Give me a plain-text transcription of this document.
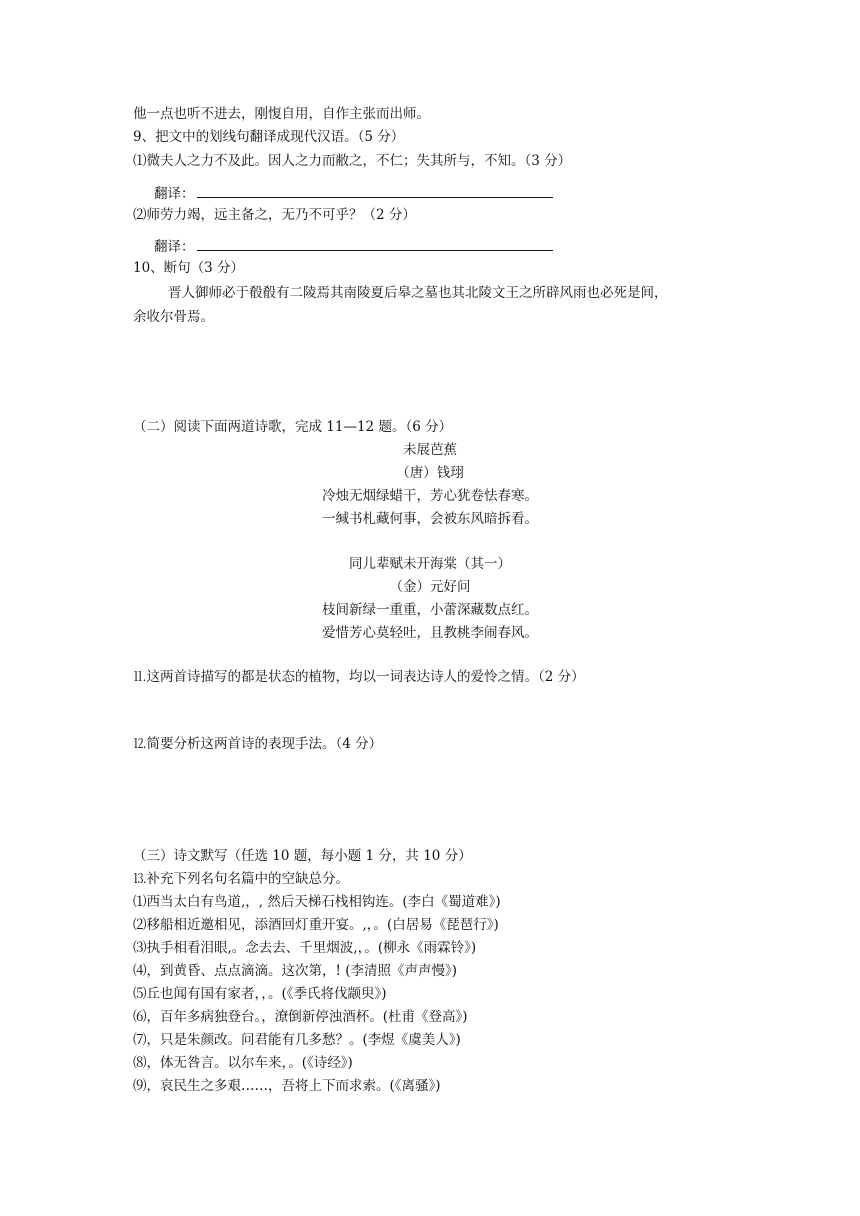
他一点也听不进去，刚愎自用，自作主张而出师。
9、把文中的划线句翻译成现代汉语。（5 分）
⑴微夫人之力不及此。因人之力而敝之，不仁；失其所与，不知。（3 分）
翻译：
⑵师劳力竭，远主备之，无乃不可乎？（2 分）
翻译：
10、断句（3 分）
晋人御师必于殽殽有二陵焉其南陵夏后皋之墓也其北陵文王之所辟风雨也必死是间，
余收尔骨焉。
（二）阅读下面两道诗歌，完成 11—12 题。（6 分）
未展芭蕉
（唐）钱珝
冷烛无烟绿蜡干，芳心犹卷怯春寒。
一缄书札藏何事，会被东风暗拆看。
同儿辈赋未开海棠（其一）
（金）元好问
枝间新绿一重重，小蕾深藏数点红。
爱惜芳心莫轻吐，且教桃李闹春风。
⒒这两首诗描写的都是状态的植物，均以一词表达诗人的爱怜之情。（2 分）
⒓简要分析这两首诗的表现手法。（4 分）
（三）诗文默写（任选 10 题，每小题 1 分，共 10 分）
⒔补充下列名句名篇中的空缺总分。
⑴西当太白有鸟道,，, 然后天梯石栈相钩连。(李白《蜀道难》)
⑵移船相近邀相见，添酒回灯重开宴。,，。(白居易《琵琶行》)
⑶执手相看泪眼,。念去去、千里烟波,，。(柳永《雨霖铃》)
⑷，到黄昏、点点滴滴。这次第，! (李清照《声声慢》)
⑸丘也闻有国有家者，，。(《季氏将伐颛臾》)
⑹，百年多病独登台。，潦倒新停浊酒杯。(杜甫《登高》)
⑺，只是朱颜改。问君能有几多愁？。(李煜《虞美人》)
⑻，体无咎言。以尔车来，。(《诗经》)
⑼，哀民生之多艰……，吾将上下而求索。(《离骚》)
